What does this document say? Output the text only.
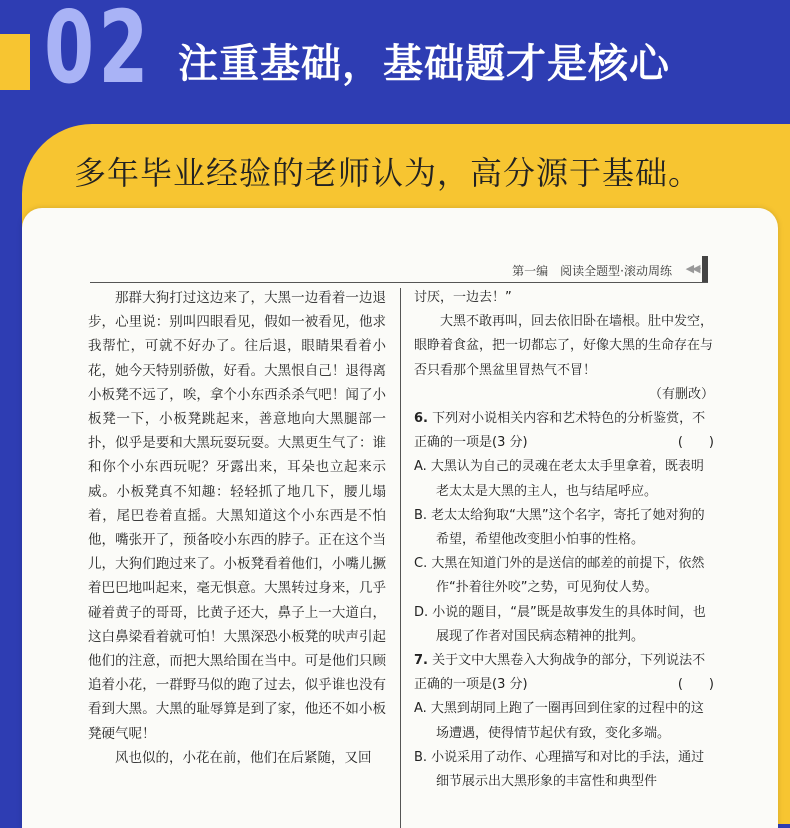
02 注重基础，基础题才是核心
多年毕业经验的老师认为，高分源于基础。
第一编　阅读全题型·滚动周练 ◀◀·

那群大狗打过这边来了，大黑一边看着一边退步，心里说：别叫四眼看见，假如一被看见，他求我帮忙，可就不好办了。往后退，眼睛果看着小花，她今天特别骄傲，好看。大黑恨自己！退得离小板凳不远了，唉，拿个小东西杀杀气吧！闻了小板凳一下，小板凳跳起来，善意地向大黑腿部一扑，似乎是要和大黑玩耍玩耍。大黑更生气了：谁和你个小东西玩呢？牙露出来，耳朵也立起来示威。小板凳真不知趣：轻轻抓了地几下，腰儿塌着，尾巴卷着直摇。大黑知道这个小东西是不怕他，嘴张开了，预备咬小东西的脖子。正在这个当儿，大狗们跑过来了。小板凳看着他们，小嘴儿撅着巴巴地叫起来，毫无惧意。大黑转过身来，几乎碰着黄子的哥哥，比黄子还大，鼻子上一大道白，这白鼻梁看着就可怕！大黑深恐小板凳的吠声引起他们的注意，而把大黑给围在当中。可是他们只顾追着小花，一群野马似的跑了过去，似乎谁也没有看到大黑。大黑的耻辱算是到了家，他还不如小板凳硬气呢！

风也似的，小花在前，他们在后紧随，又回

讨厌，一边去！”

大黑不敢再叫，回去依旧卧在墙根。肚中发空，眼睁着食盆，把一切都忘了，好像大黑的生命存在与否只看那个黑盆里冒热气不冒！

（有删改）

6. 下列对小说相关内容和艺术特色的分析鉴赏，不正确的一项是(3 分)	(　　)

A. 大黑认为自己的灵魂在老太太手里拿着，既表明老太太是大黑的主人，也与结尾呼应。

B. 老太太给狗取“大黑”这个名字，寄托了她对狗的希望，希望他改变胆小怕事的性格。

C. 大黑在知道门外的是送信的邮差的前提下，依然作“扑着往外咬”之势，可见狗仗人势。

D. 小说的题目，“晨”既是故事发生的具体时间，也展现了作者对国民病态精神的批判。

7. 关于文中大黑卷入大狗战争的部分，下列说法不正确的一项是(3 分)	(　　)

A. 大黑到胡同上跑了一圈再回到住家的过程中的这场遭遇，使得情节起伏有致，变化多端。

B. 小说采用了动作、心理描写和对比的手法，通过细节展示出大黑形象的丰富性和典型件
